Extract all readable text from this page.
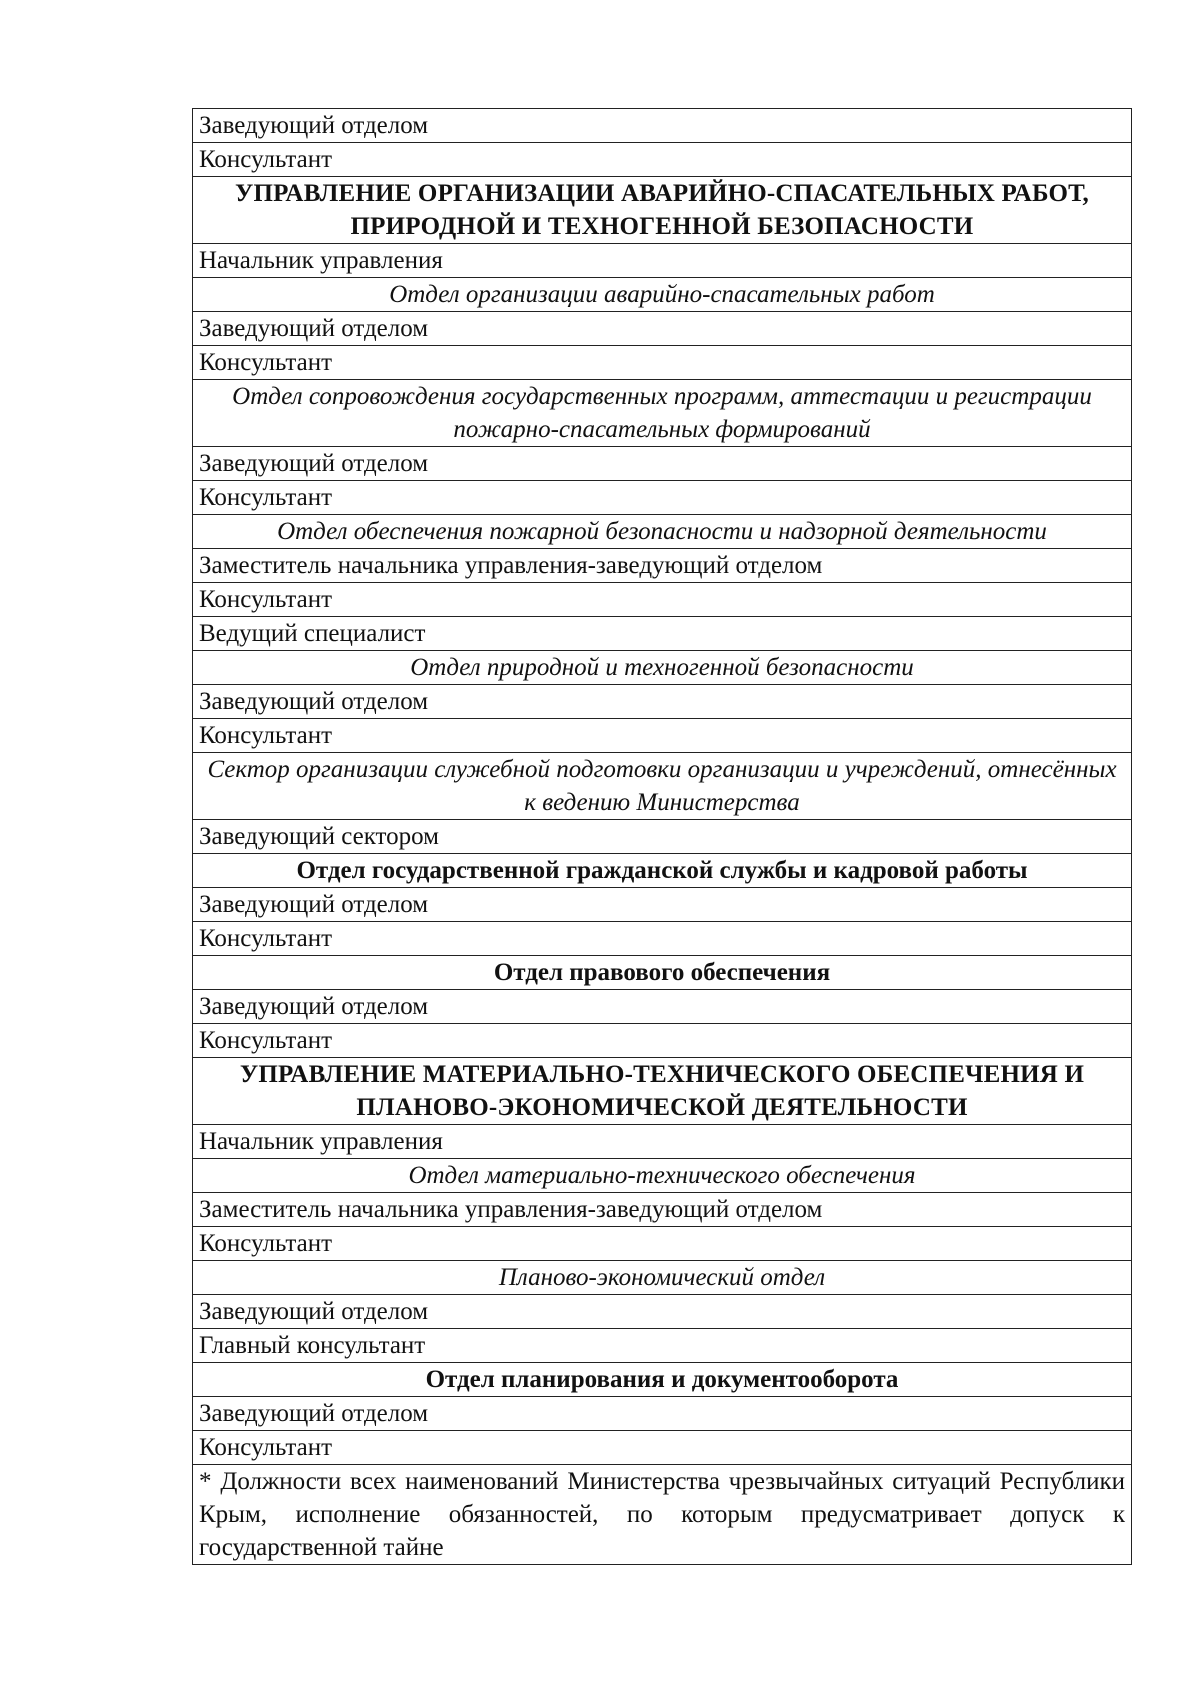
Заведующий отделом
Консультант
УПРАВЛЕНИЕ ОРГАНИЗАЦИИ АВАРИЙНО-СПАСАТЕЛЬНЫХ РАБОТ, ПРИРОДНОЙ И ТЕХНОГЕННОЙ БЕЗОПАСНОСТИ
Начальник управления
Отдел организации аварийно-спасательных работ
Заведующий отделом
Консультант
Отдел сопровождения государственных программ, аттестации и регистрации пожарно-спасательных формирований
Заведующий отделом
Консультант
Отдел обеспечения пожарной безопасности и надзорной деятельности
Заместитель начальника управления-заведующий отделом
Консультант
Ведущий специалист
Отдел природной и техногенной безопасности
Заведующий отделом
Консультант
Сектор организации служебной подготовки организации и учреждений, отнесённых к ведению Министерства
Заведующий сектором
Отдел государственной гражданской службы и кадровой работы
Заведующий отделом
Консультант
Отдел правового обеспечения
Заведующий отделом
Консультант
УПРАВЛЕНИЕ МАТЕРИАЛЬНО-ТЕХНИЧЕСКОГО ОБЕСПЕЧЕНИЯ И ПЛАНОВО-ЭКОНОМИЧЕСКОЙ ДЕЯТЕЛЬНОСТИ
Начальник управления
Отдел материально-технического обеспечения
Заместитель начальника управления-заведующий отделом
Консультант
Планово-экономический отдел
Заведующий отделом
Главный консультант
Отдел планирования и документооборота
Заведующий отделом
Консультант
* Должности всех наименований Министерства чрезвычайных ситуаций Республики Крым, исполнение обязанностей, по которым предусматривает допуск к государственной тайне
